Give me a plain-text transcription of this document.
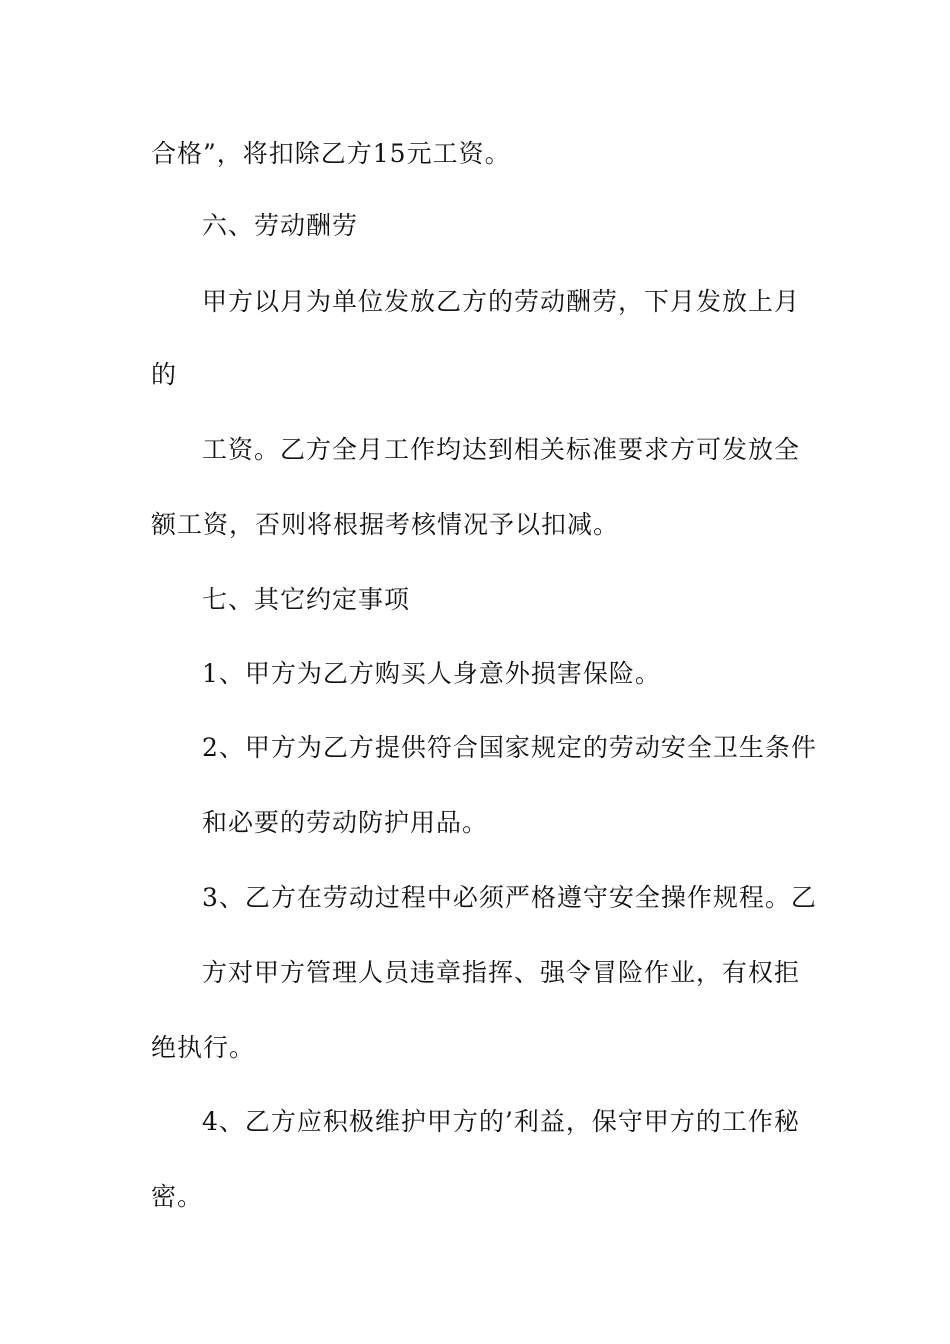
合格”，将扣除乙方15元工资。
六、劳动酬劳
甲方以月为单位发放乙方的劳动酬劳，下月发放上月
的
工资。乙方全月工作均达到相关标准要求方可发放全
额工资，否则将根据考核情况予以扣减。
七、其它约定事项
1、甲方为乙方购买人身意外损害保险。
2、甲方为乙方提供符合国家规定的劳动安全卫生条件
和必要的劳动防护用品。
3、乙方在劳动过程中必须严格遵守安全操作规程。乙
方对甲方管理人员违章指挥、强令冒险作业，有权拒
绝执行。
4、乙方应积极维护甲方的’利益，保守甲方的工作秘
密。
